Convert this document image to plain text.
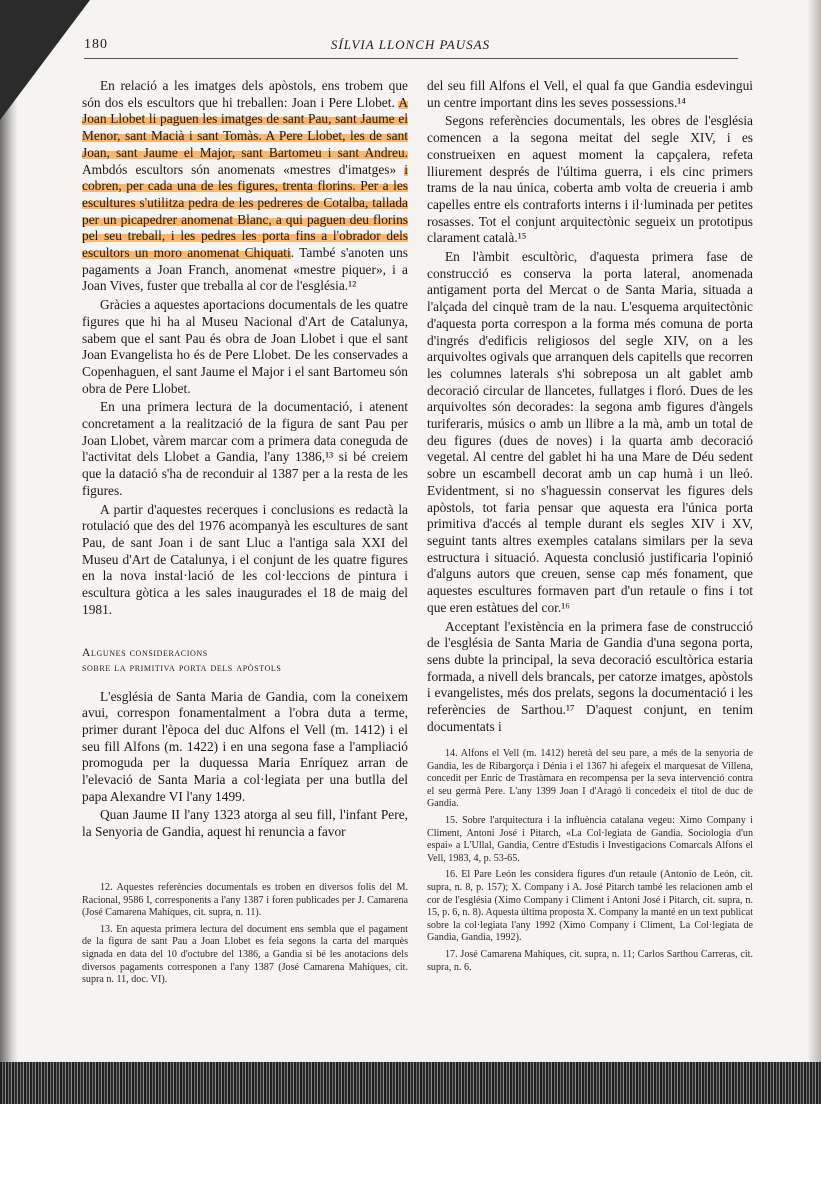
180	SÍLVIA LLONCH PAUSAS

En relació a les imatges dels apòstols, ens trobem que són dos els escultors que hi treballen: Joan i Pere Llobet. A Joan Llobet li paguen les imatges de sant Pau, sant Jaume el Menor, sant Macià i sant Tomàs. A Pere Llobet, les de sant Joan, sant Jaume el Major, sant Bartomeu i sant Andreu. Ambdós escultors són anomenats «mestres d'imatges» i cobren, per cada una de les figures, trenta florins. Per a les escultures s'utilitza pedra de les pedreres de Cotalba, tallada per un picapedrer anomenat Blanc, a qui paguen deu florins pel seu treball, i les pedres les porta fins a l'obrador dels escultors un moro anomenat Chiquati. També s'anoten uns pagaments a Joan Franch, anomenat «mestre piquer», i a Joan Vives, fuster que treballa al cor de l'església.¹²

Gràcies a aquestes aportacions documentals de les quatre figures que hi ha al Museu Nacional d'Art de Catalunya, sabem que el sant Pau és obra de Joan Llobet i que el sant Joan Evangelista ho és de Pere Llobet. De les conservades a Copenhaguen, el sant Jaume el Major i el sant Bartomeu són obra de Pere Llobet.

En una primera lectura de la documentació, i atenent concretament a la realització de la figura de sant Pau per Joan Llobet, vàrem marcar com a primera data coneguda de l'activitat dels Llobet a Gandia, l'any 1386,¹³ si bé creiem que la datació s'ha de reconduir al 1387 per a la resta de les figures.

A partir d'aquestes recerques i conclusions es redactà la rotulació que des del 1976 acompanyà les escultures de sant Pau, de sant Joan i de sant Lluc a l'antiga sala XXI del Museu d'Art de Catalunya, i el conjunt de les quatre figures en la nova instal·lació de les col·leccions de pintura i escultura gòtica a les sales inaugurades el 18 de maig del 1981.

Algunes consideracions
sobre la primitiva porta dels apòstols

L'església de Santa Maria de Gandia, com la coneixem avui, correspon fonamentalment a l'obra duta a terme, primer durant l'època del duc Alfons el Vell (m. 1412) i el seu fill Alfons (m. 1422) i en una segona fase a l'ampliació promoguda per la duquessa Maria Enríquez arran de l'elevació de Santa Maria a col·legiata per una butlla del papa Alexandre VI l'any 1499.

Quan Jaume II l'any 1323 atorga al seu fill, l'infant Pere, la Senyoria de Gandia, aquest hi renuncia a favor

del seu fill Alfons el Vell, el qual fa que Gandia esdevingui un centre important dins les seves possessions.¹⁴

Segons referències documentals, les obres de l'església comencen a la segona meitat del segle XIV, i es construeixen en aquest moment la capçalera, refeta lliurement després de l'última guerra, i els cinc primers trams de la nau única, coberta amb volta de creueria i amb capelles entre els contraforts interns i il·luminada per petites rosasses. Tot el conjunt arquitectònic segueix un prototipus clarament català.¹⁵

En l'àmbit escultòric, d'aquesta primera fase de construcció es conserva la porta lateral, anomenada antigament porta del Mercat o de Santa Maria, situada a l'alçada del cinquè tram de la nau. L'esquema arquitectònic d'aquesta porta correspon a la forma més comuna de porta d'ingrés d'edificis religiosos del segle XIV, on a les arquivoltes ogivals que arranquen dels capitells que recorren les columnes laterals s'hi sobreposa un alt gablet amb decoració circular de llancetes, fullatges i floró. Dues de les arquivoltes són decorades: la segona amb figures d'àngels turiferaris, músics o amb un llibre a la mà, amb un total de deu figures (dues de noves) i la quarta amb decoració vegetal. Al centre del gablet hi ha una Mare de Déu sedent sobre un escambell decorat amb un cap humà i un lleó. Evidentment, si no s'haguessin conservat les figures dels apòstols, tot faria pensar que aquesta era l'única porta primitiva d'accés al temple durant els segles XIV i XV, seguint tants altres exemples catalans similars per la seva estructura i situació. Aquesta conclusió justificaria l'opinió d'alguns autors que creuen, sense cap més fonament, que aquestes escultures formaven part d'un retaule o fins i tot que eren estàtues del cor.¹⁶

Acceptant l'existència en la primera fase de construcció de l'església de Santa Maria de Gandia d'una segona porta, sens dubte la principal, la seva decoració escultòrica estaria formada, a nivell dels brancals, per catorze imatges, apòstols i evangelistes, més dos prelats, segons la documentació i les referències de Sarthou.¹⁷ D'aquest conjunt, en tenim documentats i

12. Aquestes referències documentals es troben en diversos folis del M. Racional, 9586 I, corresponents a l'any 1387 i foren publicades per J. Camarena (José Camarena Mahiques, cit. supra, n. 11).

13. En aquesta primera lectura del document ens sembla que el pagament de la figura de sant Pau a Joan Llobet es feia segons la carta del marquès signada en data del 10 d'octubre del 1386, a Gandia si bé les anotacions dels diversos pagaments corresponen a l'any 1387 (José Camarena Mahiques, cit. supra n. 11, doc. VI).

14. Alfons el Vell (m. 1412) heretà del seu pare, a més de la senyoria de Gandia, les de Ribargorça i Dénia i el 1367 hi afegeix el marquesat de Villena, concedit per Enric de Trastàmara en recompensa per la seva intervenció contra el seu germà Pere. L'any 1399 Joan I d'Aragó li concedeix el títol de duc de Gandia.

15. Sobre l'arquitectura i la influència catalana vegeu: Ximo Company i Climent, Antoni José i Pitarch, «La Col·legiata de Gandia. Sociologia d'un espai» a L'Ullal, Gandia, Centre d'Estudis i Investigacions Comarcals Alfons el Vell, 1983, 4, p. 53-65.

16. El Pare León les considera figures d'un retaule (Antonio de León, cit. supra, n. 8, p. 157); X. Company i A. José Pitarch també les relacionen amb el cor de l'església (Ximo Company i Climent i Antoni José i Pitarch, cit. supra, n. 15, p. 6, n. 8). Aquesta última proposta X. Company la manté en un text publicat sobre la col·legiata l'any 1992 (Ximo Company i Climent, La Col·legiata de Gandia, Gandia, 1992).

17. José Camarena Mahiques, cit. supra, n. 11; Carlos Sarthou Carreras, cit. supra, n. 6.
